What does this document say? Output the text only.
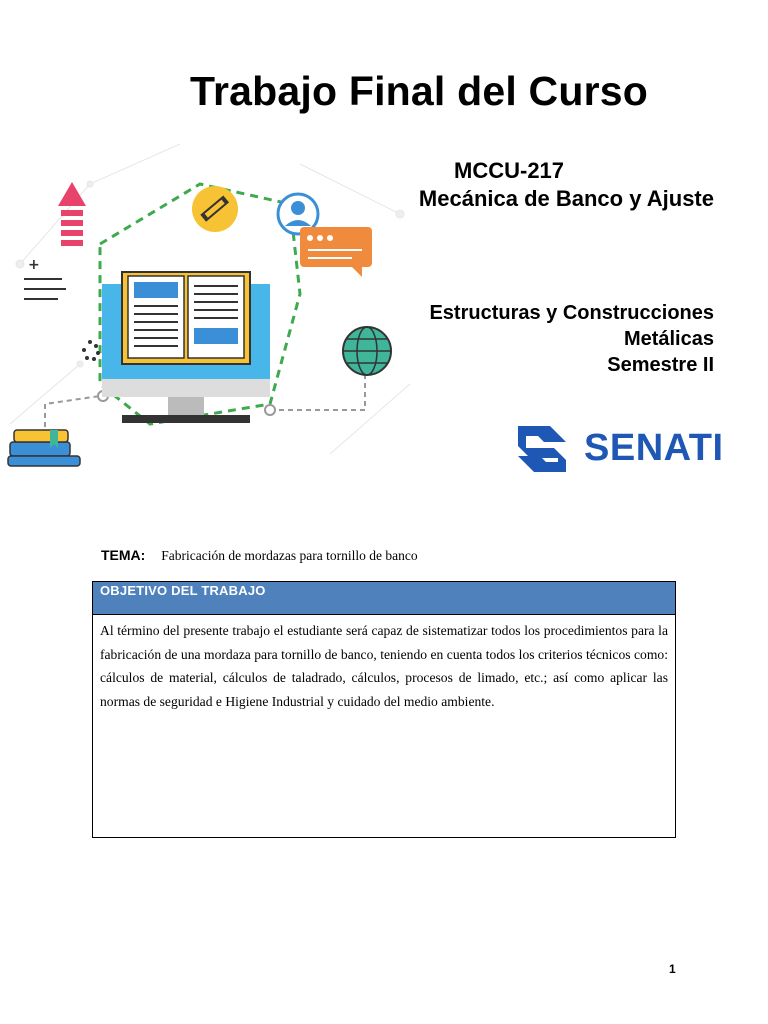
Trabajo Final del Curso
+
MCCU-217
Mecánica de Banco y Ajuste
Estructuras y Construcciones
Metálicas
Semestre II
SENATI
TEMA: Fabricación de mordazas para tornillo de banco
OBJETIVO DEL TRABAJO
Al término del presente trabajo el estudiante será capaz de sistematizar todos los procedimientos para la fabricación de una mordaza para tornillo de banco, teniendo en cuenta todos los criterios técnicos como: cálculos de material, cálculos de taladrado, cálculos, procesos de limado, etc.; así como aplicar las normas de seguridad e Higiene Industrial y cuidado del medio ambiente.
1
